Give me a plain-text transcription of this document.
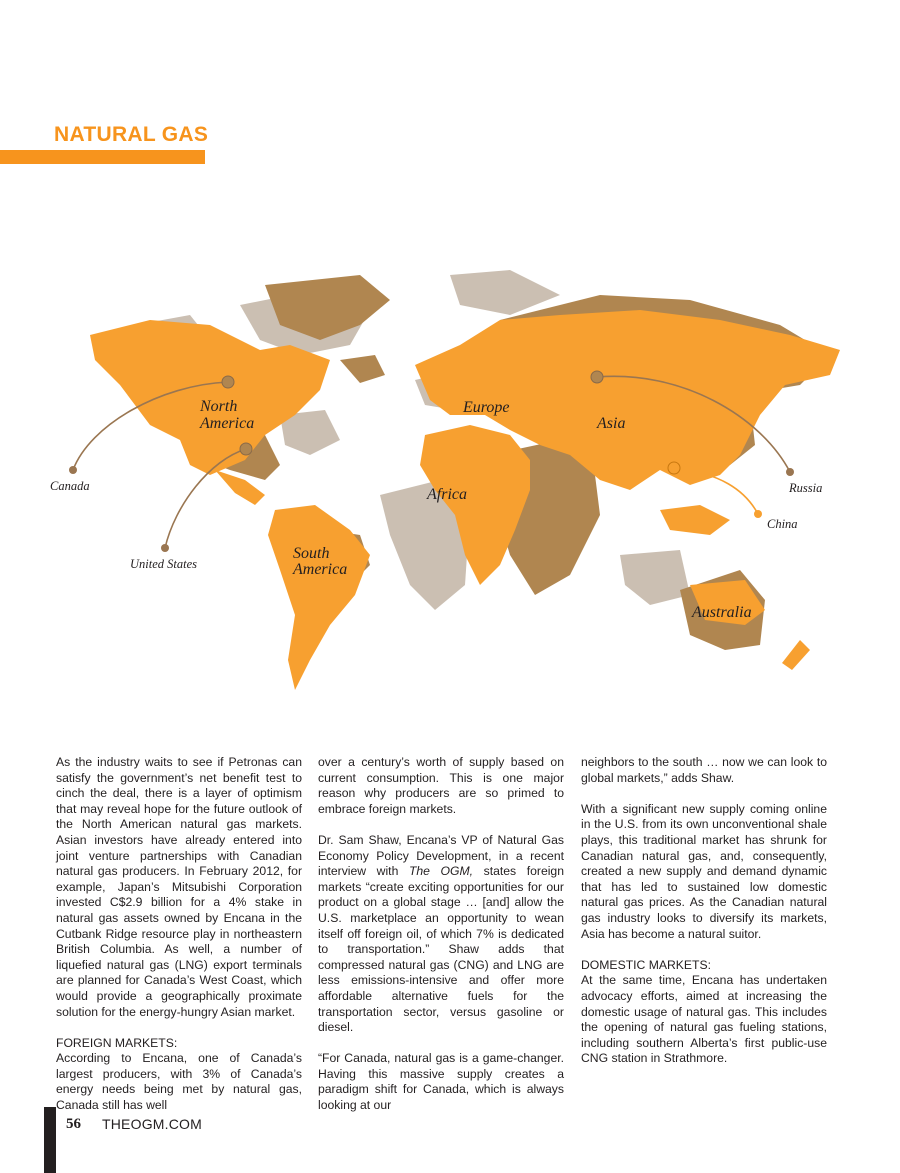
NATURAL GAS
North
America
South
America
Europe
Africa
Asia
Australia
Canada
United States
Russia
China

As the industry waits to see if Petronas can satisfy the government’s net benefit test to cinch the deal, there is a layer of optimism that may reveal hope for the future outlook of the North American natural gas markets. Asian investors have already entered into joint venture partnerships with Canadian natural gas producers. In February 2012, for example, Japan’s Mitsubishi Corporation invested C$2.9 billion for a 4% stake in natural gas assets owned by Encana in the Cutbank Ridge resource play in northeastern British Columbia. As well, a number of liquefied natural gas (LNG) export terminals are planned for Canada’s West Coast, which would provide a geographically proximate solution for the energy-hungry Asian market.

FOREIGN MARKETS:

According to Encana, one of Canada’s largest producers, with 3% of Canada’s energy needs being met by natural gas, Canada still has well

over a century’s worth of supply based on current consumption. This is one major reason why producers are so primed to embrace foreign markets.

Dr. Sam Shaw, Encana’s VP of Natural Gas Economy Policy Development, in a recent interview with The OGM, states foreign markets “create exciting opportunities for our product on a global stage … [and] allow the U.S. marketplace an opportunity to wean itself off foreign oil, of which 7% is dedicated to transportation.” Shaw adds that compressed natural gas (CNG) and LNG are less emissions-intensive and offer more affordable alternative fuels for the transportation sector, versus gasoline or diesel.

“For Canada, natural gas is a game-changer. Having this massive supply creates a paradigm shift for Canada, which is always looking at our

neighbors to the south … now we can look to global markets,” adds Shaw.

With a significant new supply coming online in the U.S. from its own unconventional shale plays, this traditional market has shrunk for Canadian natural gas, and, consequently, created a new supply and demand dynamic that has led to sustained low domestic natural gas prices. As the Canadian natural gas industry looks to diversify its markets, Asia has become a natural suitor.

DOMESTIC MARKETS:

At the same time, Encana has undertaken advocacy efforts, aimed at increasing the domestic usage of natural gas. This includes the opening of natural gas fueling stations, including southern Alberta’s first public-use CNG station in Strathmore.

56 THEOGM.COM
